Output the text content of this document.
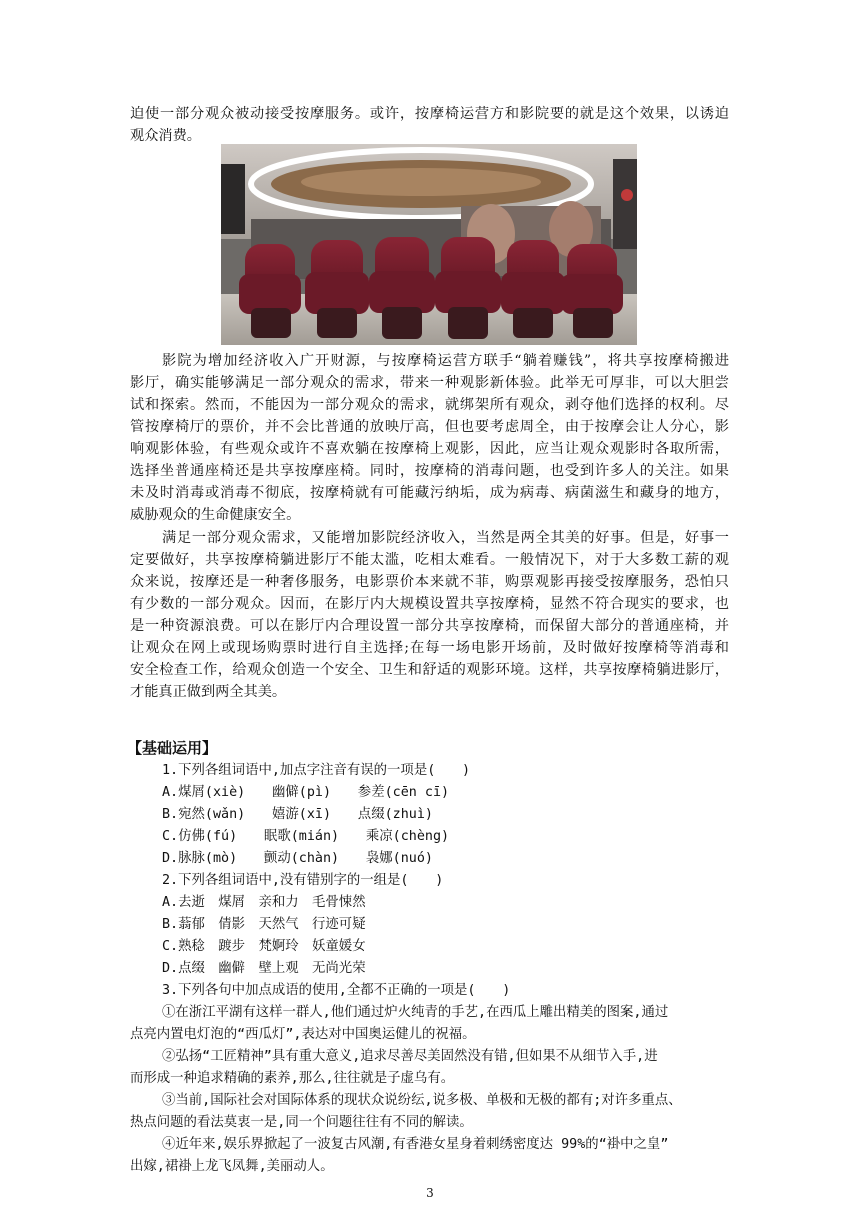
迫使一部分观众被动接受按摩服务。或许，按摩椅运营方和影院要的就是这个效果，以诱迫
观众消费。
影院为增加经济收入广开财源，与按摩椅运营方联手“躺着赚钱”，将共享按摩椅搬进
影厅，确实能够满足一部分观众的需求，带来一种观影新体验。此举无可厚非，可以大胆尝
试和探索。然而，不能因为一部分观众的需求，就绑架所有观众，剥夺他们选择的权利。尽
管按摩椅厅的票价，并不会比普通的放映厅高，但也要考虑周全，由于按摩会让人分心，影
响观影体验，有些观众或许不喜欢躺在按摩椅上观影，因此，应当让观众观影时各取所需，
选择坐普通座椅还是共享按摩座椅。同时，按摩椅的消毒问题，也受到许多人的关注。如果
未及时消毒或消毒不彻底，按摩椅就有可能藏污纳垢，成为病毒、病菌滋生和藏身的地方，
威胁观众的生命健康安全。
满足一部分观众需求，又能增加影院经济收入，当然是两全其美的好事。但是，好事一
定要做好，共享按摩椅躺进影厅不能太滥，吃相太难看。一般情况下，对于大多数工薪的观
众来说，按摩还是一种奢侈服务，电影票价本来就不菲，购票观影再接受按摩服务，恐怕只
有少数的一部分观众。因而，在影厅内大规模设置共享按摩椅，显然不符合现实的要求，也
是一种资源浪费。可以在影厅内合理设置一部分共享按摩椅，而保留大部分的普通座椅，并
让观众在网上或现场购票时进行自主选择;在每一场电影开场前，及时做好按摩椅等消毒和
安全检查工作，给观众创造一个安全、卫生和舒适的观影环境。这样，共享按摩椅躺进影厅，
才能真正做到两全其美。
【基础运用】
1.下列各组词语中,加点字注音有误的一项是(　　)
A.煤屑(xiè)　　幽僻(pì)　　参差(cēn cī)
B.宛然(wǎn)　　嬉游(xī)　　点缀(zhuì)
C.仿佛(fú)　　眠歌(mián)　　乘凉(chèng)
D.脉脉(mò)　　颤动(chàn)　　袅娜(nuó)
2.下列各组词语中,没有错别字的一组是(　　)
A.去逝　煤屑　亲和力　毛骨悚然
B.蓊郁　倩影　天然气　行迹可疑
C.熟稔　踱步　梵婀玲　妖童媛女
D.点缀　幽僻　壁上观　无尚光荣
3.下列各句中加点成语的使用,全都不正确的一项是(　　)
①在浙江平湖有这样一群人,他们通过炉火纯青的手艺,在西瓜上雕出精美的图案,通过
点亮内置电灯泡的“西瓜灯”,表达对中国奥运健儿的祝福。
②弘扬“工匠精神”具有重大意义,追求尽善尽美固然没有错,但如果不从细节入手,进
而形成一种追求精确的素养,那么,往往就是子虚乌有。
③当前,国际社会对国际体系的现状众说纷纭,说多极、单极和无极的都有;对许多重点、
热点问题的看法莫衷一是,同一个问题往往有不同的解读。
④近年来,娱乐界掀起了一波复古风潮,有香港女星身着刺绣密度达 99%的“褂中之皇”
出嫁,裙褂上龙飞凤舞,美丽动人。
3
